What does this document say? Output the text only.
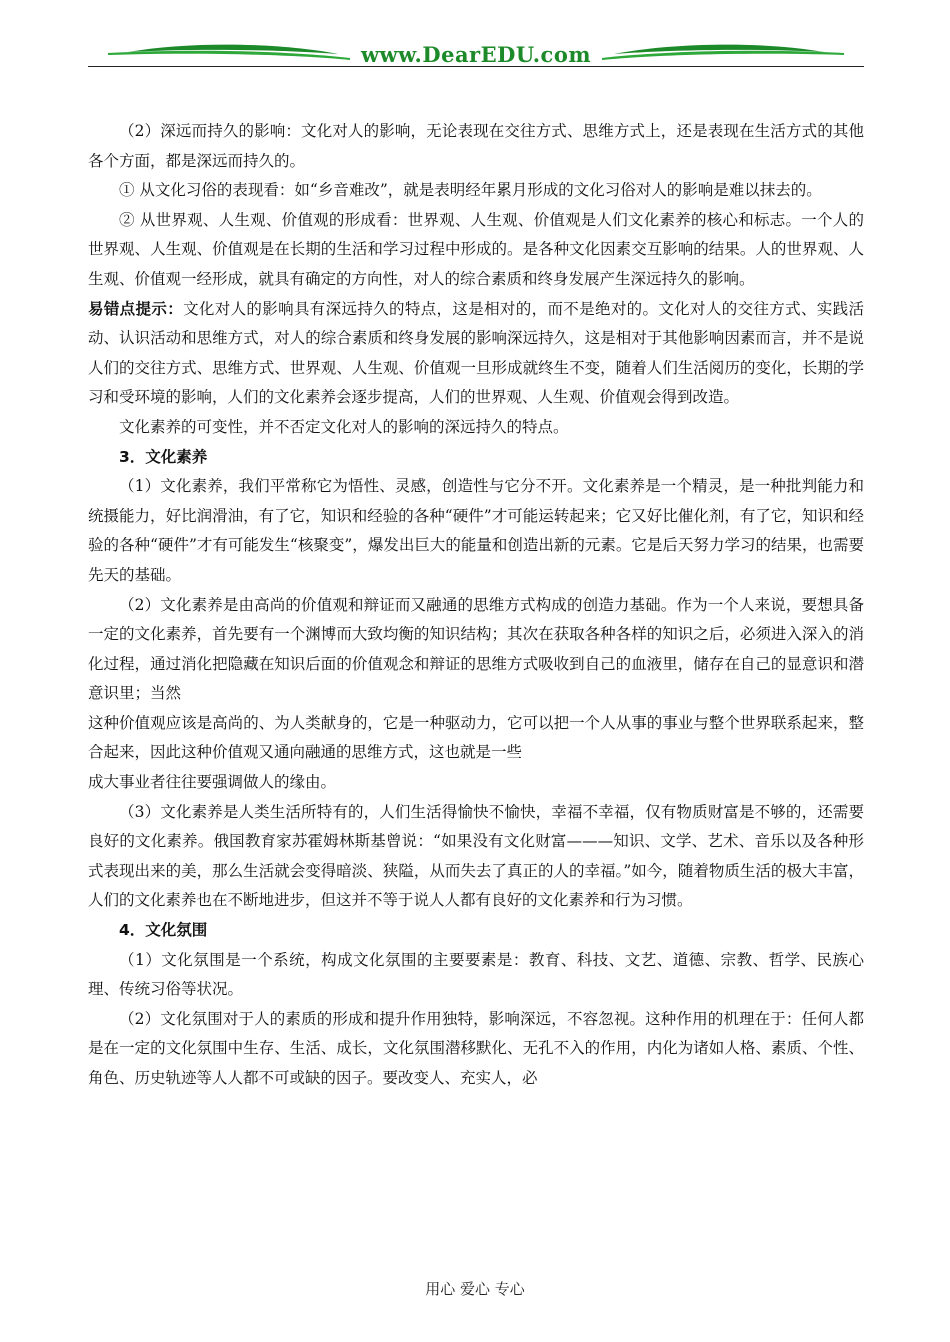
www.DearEDU.com

（2）深远而持久的影响：文化对人的影响，无论表现在交往方式、思维方式上，还是表现在生活方式的其他各个方面，都是深远而持久的。

① 从文化习俗的表现看：如“乡音难改”，就是表明经年累月形成的文化习俗对人的影响是难以抹去的。

② 从世界观、人生观、价值观的形成看：世界观、人生观、价值观是人们文化素养的核心和标志。一个人的世界观、人生观、价值观是在长期的生活和学习过程中形成的。是各种文化因素交互影响的结果。人的世界观、人生观、价值观一经形成，就具有确定的方向性，对人的综合素质和终身发展产生深远持久的影响。

易错点提示：文化对人的影响具有深远持久的特点，这是相对的，而不是绝对的。文化对人的交往方式、实践活动、认识活动和思维方式，对人的综合素质和终身发展的影响深远持久，这是相对于其他影响因素而言，并不是说人们的交往方式、思维方式、世界观、人生观、价值观一旦形成就终生不变，随着人们生活阅历的变化，长期的学习和受环境的影响，人们的文化素养会逐步提高，人们的世界观、人生观、价值观会得到改造。

文化素养的可变性，并不否定文化对人的影响的深远持久的特点。

3．文化素养

（1）文化素养，我们平常称它为悟性、灵感，创造性与它分不开。文化素养是一个精灵，是一种批判能力和统摄能力，好比润滑油，有了它，知识和经验的各种“硬件”才可能运转起来；它又好比催化剂，有了它，知识和经验的各种“硬件”才有可能发生“核聚变”，爆发出巨大的能量和创造出新的元素。它是后天努力学习的结果，也需要先天的基础。

（2）文化素养是由高尚的价值观和辩证而又融通的思维方式构成的创造力基础。作为一个人来说，要想具备一定的文化素养，首先要有一个渊博而大致均衡的知识结构；其次在获取各种各样的知识之后，必须进入深入的消化过程，通过消化把隐藏在知识后面的价值观念和辩证的思维方式吸收到自己的血液里，储存在自己的显意识和潜意识里；当然

这种价值观应该是高尚的、为人类献身的，它是一种驱动力，它可以把一个人从事的事业与整个世界联系起来，整合起来，因此这种价值观又通向融通的思维方式，这也就是一些

成大事业者往往要强调做人的缘由。

（3）文化素养是人类生活所特有的，人们生活得愉快不愉快，幸福不幸福，仅有物质财富是不够的，还需要良好的文化素养。俄国教育家苏霍姆林斯基曾说：“如果没有文化财富———知识、文学、艺术、音乐以及各种形式表现出来的美，那么生活就会变得暗淡、狭隘，从而失去了真正的人的幸福。”如今，随着物质生活的极大丰富，人们的文化素养也在不断地进步，但这并不等于说人人都有良好的文化素养和行为习惯。

4．文化氛围

（1）文化氛围是一个系统，构成文化氛围的主要要素是：教育、科技、文艺、道德、宗教、哲学、民族心理、传统习俗等状况。

（2）文化氛围对于人的素质的形成和提升作用独特，影响深远，不容忽视。这种作用的机理在于：任何人都是在一定的文化氛围中生存、生活、成长，文化氛围潜移默化、无孔不入的作用，内化为诸如人格、素质、个性、角色、历史轨迹等人人都不可或缺的因子。要改变人、充实人，必

用心 爱心 专心
